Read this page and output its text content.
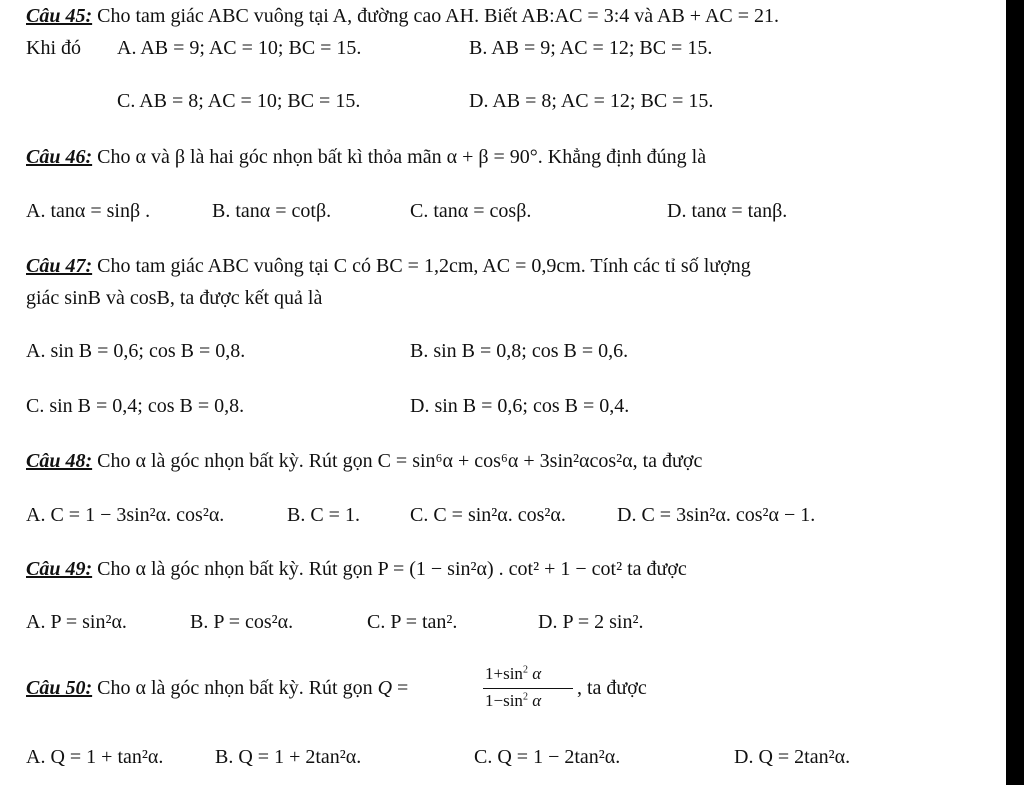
Câu 45: Cho tam giác ABC vuông tại A, đường cao AH. Biết AB:AC = 3:4 và AB + AC = 21.
Khi đó A. AB = 9; AC = 10; BC = 15.	B. AB = 9; AC = 12; BC = 15.
C. AB = 8; AC = 10; BC = 15.	D. AB = 8; AC = 12; BC = 15.
Câu 46: Cho α và β là hai góc nhọn bất kì thỏa mãn α + β = 90°. Khẳng định đúng là
A. tanα = sinβ .	B. tanα = cotβ.	C. tanα = cosβ.	D. tanα = tanβ.
Câu 47: Cho tam giác ABC vuông tại C có BC = 1,2cm, AC = 0,9cm. Tính các tỉ số lượng
giác sinB và cosB, ta được kết quả là
A. sin B = 0,6; cos B = 0,8.	B. sin B = 0,8; cos B = 0,6.
C. sin B = 0,4; cos B = 0,8.	D. sin B = 0,6; cos B = 0,4.
Câu 48: Cho α là góc nhọn bất kỳ. Rút gọn C = sin⁶α + cos⁶α + 3sin²αcos²α, ta được
A. C = 1 − 3sin²α. cos²α.	B. C = 1.	C. C = sin²α. cos²α.	D. C = 3sin²α. cos²α − 1.
Câu 49: Cho α là góc nhọn bất kỳ. Rút gọn P = (1 − sin²α) . cot² + 1 − cot² ta được
A. P = sin²α.	B. P = cos²α.	C. P = tan².	D. P = 2 sin².
Câu 50: Cho α là góc nhọn bất kỳ. Rút gọn Q =
$1+\sin^2$ α
$1-\sin^2$ α
, ta được
A. Q = 1 + tan²α.	B. Q = 1 + 2tan²α.	C. Q = 1 − 2tan²α.	D. Q = 2tan²α.
